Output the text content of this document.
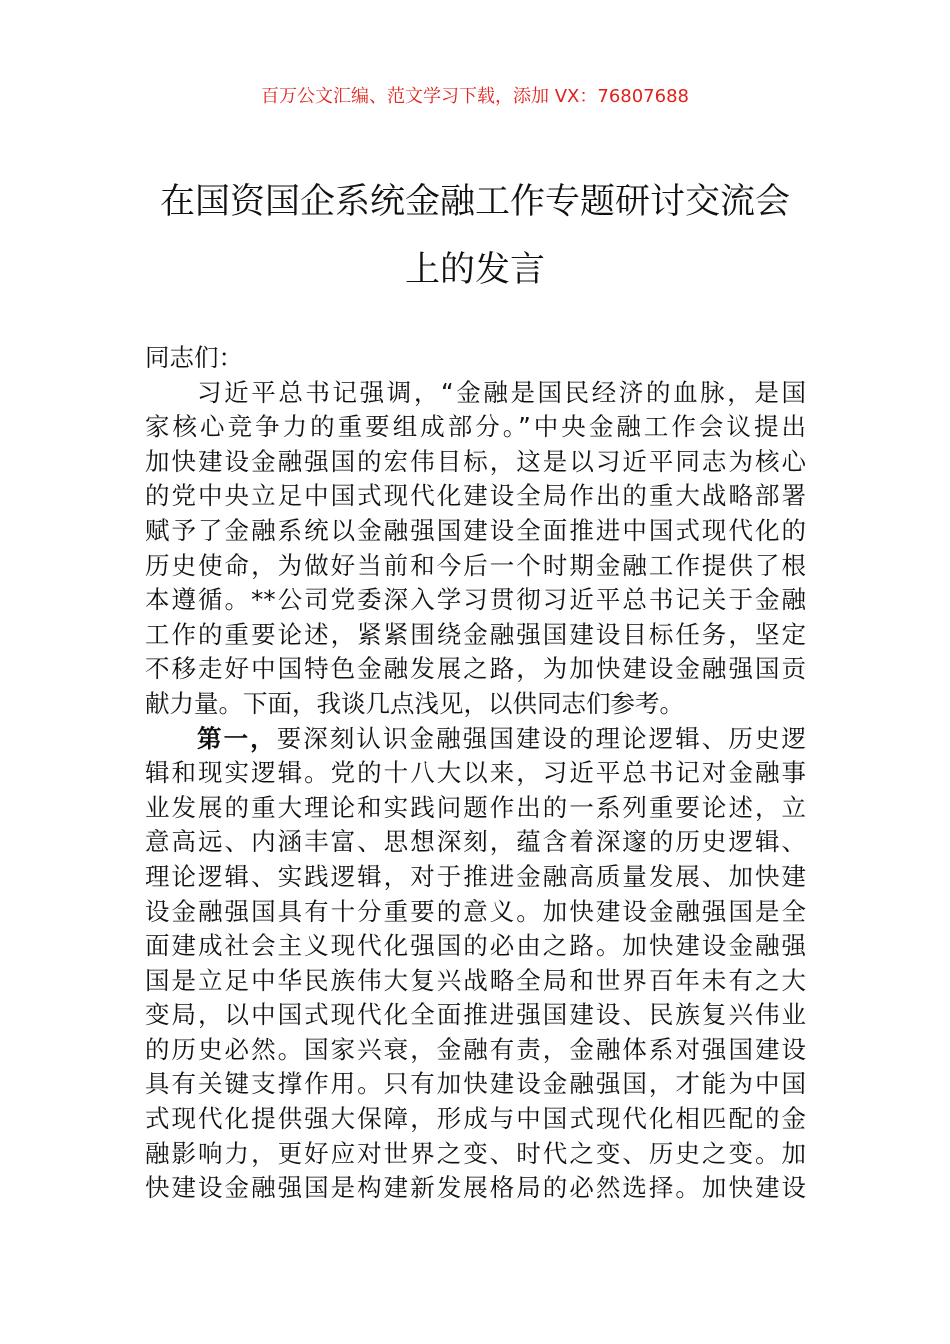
百万公文汇编、范文学习下载，添加 VX：76807688
在国资国企系统金融工作专题研讨交流会
上的发言
同志们：
习近平总书记强调，“金融是国民经济的血脉，是国
家核心竞争力的重要组成部分。”中央金融工作会议提出
加快建设金融强国的宏伟目标，这是以习近平同志为核心
的党中央立足中国式现代化建设全局作出的重大战略部署
赋予了金融系统以金融强国建设全面推进中国式现代化的
历史使命，为做好当前和今后一个时期金融工作提供了根
本遵循。**公司党委深入学习贯彻习近平总书记关于金融
工作的重要论述，紧紧围绕金融强国建设目标任务，坚定
不移走好中国特色金融发展之路，为加快建设金融强国贡
献力量。下面，我谈几点浅见，以供同志们参考。
第一，要深刻认识金融强国建设的理论逻辑、历史逻
辑和现实逻辑。党的十八大以来，习近平总书记对金融事
业发展的重大理论和实践问题作出的一系列重要论述，立
意高远、内涵丰富、思想深刻，蕴含着深邃的历史逻辑、
理论逻辑、实践逻辑，对于推进金融高质量发展、加快建
设金融强国具有十分重要的意义。加快建设金融强国是全
面建成社会主义现代化强国的必由之路。加快建设金融强
国是立足中华民族伟大复兴战略全局和世界百年未有之大
变局，以中国式现代化全面推进强国建设、民族复兴伟业
的历史必然。国家兴衰，金融有责，金融体系对强国建设
具有关键支撑作用。只有加快建设金融强国，才能为中国
式现代化提供强大保障，形成与中国式现代化相匹配的金
融影响力，更好应对世界之变、时代之变、历史之变。加
快建设金融强国是构建新发展格局的必然选择。加快建设
